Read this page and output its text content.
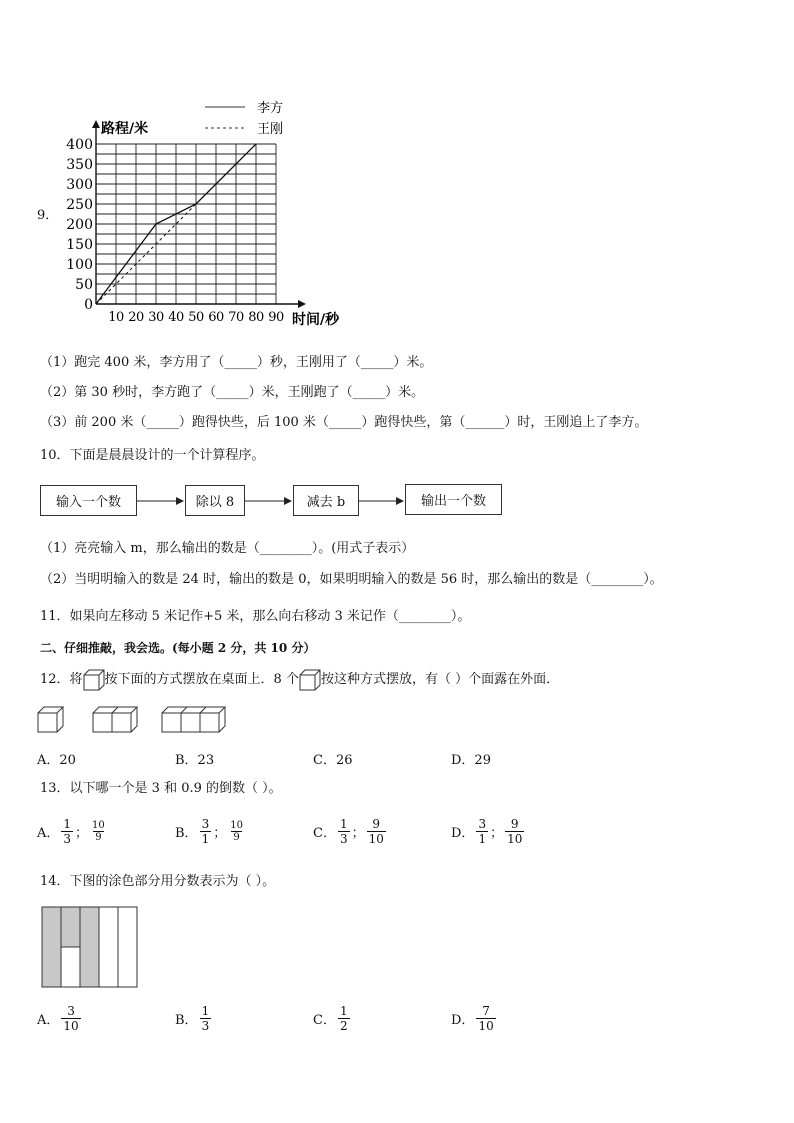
9．
路程/米
时间/秒
0
50
100
150
200
250
300
350
400
10 20 30 40 50 60 70 80 90
李方
王刚
（1）跑完 400 米，李方用了（_____）秒，王刚用了（_____）米。
（2）第 30 秒时，李方跑了（_____）米，王刚跑了（_____）米。
（3）前 200 米（_____）跑得快些，后 100 米（_____）跑得快些，第（______）时，王刚追上了李方。
10．下面是晨晨设计的一个计算程序。
输入一个数	除以 8	减去 b	输出一个数
（1）亮亮输入 m，那么输出的数是（________）。(用式子表示）
（2）当明明输入的数是 24 时，输出的数是 0，如果明明输入的数是 56 时，那么输出的数是（________）。
11．如果向左移动 5 米记作+5 米，那么向右移动 3 米记作（________）。
二、仔细推敲，我会选。(每小题 2 分，共 10 分）
12．将 按下面的方式摆放在桌面上．8 个 按这种方式摆放，有（ ）个面露在外面．
A．20	B．23	C．26	D．29
13．以下哪一个是 3 和 0.9 的倒数（ ）。
A． $\frac{1}{3}$ ； $\frac{10}{9}$	B． $\frac{3}{1}$ ； $\frac{10}{9}$	C． $\frac{1}{3}$ ； $\frac{9}{10}$	D． $\frac{3}{1}$ ； $\frac{9}{10}$
14．下图的涂色部分用分数表示为（ ）。
A． $\frac{3}{10}$	B． $\frac{1}{3}$	C． $\frac{1}{2}$	D． $\frac{7}{10}$
